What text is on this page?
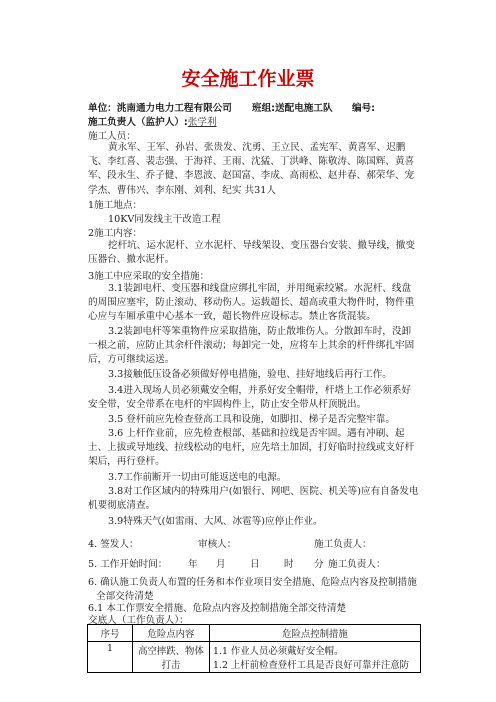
安全施工作业票
单位：洮南通力电力工程有限公司 班组:送配电施工队 编号:
施工负责人（监护人）:张学利
施工人员：
黄永军、王军、孙岩、张贵发、沈勇、王立民、孟宪军、黄喜军、迟鹏飞、李红喜、裴志强、于海祥、王雨、沈猛、丁洪峰、陈敬涛、陈国辉、黄喜军、段永生、乔子健、李恩波、赵国富、李成、高雨松、赵井春、郝荣华、宠学杰、曹伟兴、李东刚、刘利、纪实 共31人
1施工地点：
10KV同发线主干改造工程
2施工内容：
挖杆坑、运水泥杆、立水泥杆、导线架设、变压器台安装、撤导线，撤变压器台、撤水泥杆。
3施工中应采取的安全措施：
3.1装卸电杆、变压器和线盘应绑扎牢固，并用绳索绞紧。水泥杆、线盘的周围应塞牢，防止滚动、移动伤人。运载超长、超高或重大物件时，物件重心应与车厢承重中心基本一致，超长物件应设标志。禁止客货混装。
3.2装卸电杆等笨重物件应采取措施，防止散堆伤人。分散卸车时，没卸一根之前，应防止其余杆件滚动；每卸完一处，应将车上其余的杆件绑扎牢固后，方可继续运送。
3.3接触低压设备必须做好停电措施，验电、挂好地线后再行工作。
3.4进入现场人员必须戴安全帽，并系好安全帽带，杆塔上工作必须系好安全带，安全带系在电杆的牢固构件上，防止安全带从杆顶脱出。
3.5 登杆前应先检查登高工具和设施，如脚扣、梯子是否完整牢靠。
3.6 上杆作业前，应先检查根部、基础和拉线是否牢固。遇有冲刷、起土、上拔或导地线、拉线松动的电杆，应先培土加固，打好临时拉线或支好杆架后，再行登杆。
3.7工作前断开一切由可能返送电的电源。
3.8对工作区域内的特殊用户(如银行、网吧、医院、机关等)应有自备发电机要彻底清查。
3.9特殊天气(如雷雨、大风、冰雹等)应停止作业。
4. 签发人：	审核人：	施工负责人：
5. 工作开始时间： 年 月	日	时 分 施工负责人：
6. 确认施工负责人布置的任务和本作业项目安全措施、危险点内容及控制措施
序号	危险点内容	危险点控制措施
1	高空摔跌、物体打击	1.1 作业人员必须戴好安全帽。
1.2 上杆前检查登杆工具是否良好可靠并注意防
全部交待清楚
6.1 本工作票安全措施、危险点内容及控制措施全部交待清楚
交底人（工作负责人）：
